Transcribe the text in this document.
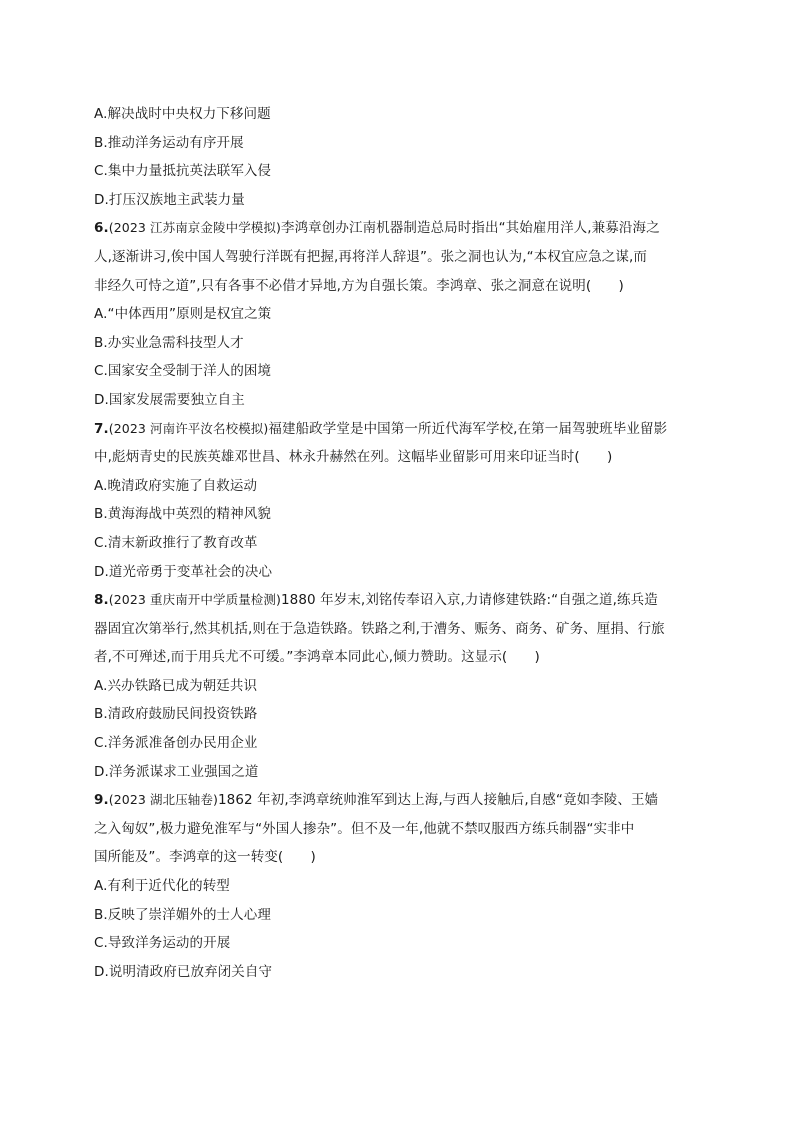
A.解决战时中央权力下移问题

B.推动洋务运动有序开展

C.集中力量抵抗英法联军入侵

D.打压汉族地主武装力量

6.(2023 江苏南京金陵中学模拟)李鸿章创办江南机器制造总局时指出“其始雇用洋人,兼募沿海之

人,逐渐讲习,俟中国人驾驶行洋既有把握,再将洋人辞退”。张之洞也认为,“本权宜应急之谋,而

非经久可恃之道”,只有各事不必借才异地,方为自强长策。李鸿章、张之洞意在说明(　　)

A.“中体西用”原则是权宜之策

B.办实业急需科技型人才

C.国家安全受制于洋人的困境

D.国家发展需要独立自主

7.(2023 河南许平汝名校模拟)福建船政学堂是中国第一所近代海军学校,在第一届驾驶班毕业留影

中,彪炳青史的民族英雄邓世昌、林永升赫然在列。这幅毕业留影可用来印证当时(　　)

A.晚清政府实施了自救运动

B.黄海海战中英烈的精神风貌

C.清末新政推行了教育改革

D.道光帝勇于变革社会的决心

8.(2023 重庆南开中学质量检测)1880 年岁末,刘铭传奉诏入京,力请修建铁路:“自强之道,练兵造

器固宜次第举行,然其机括,则在于急造铁路。铁路之利,于漕务、赈务、商务、矿务、厘捐、行旅

者,不可殚述,而于用兵尤不可缓。”李鸿章本同此心,倾力赞助。这显示(　　)

A.兴办铁路已成为朝廷共识

B.清政府鼓励民间投资铁路

C.洋务派准备创办民用企业

D.洋务派谋求工业强国之道

9.(2023 湖北压轴卷)1862 年初,李鸿章统帅淮军到达上海,与西人接触后,自感“竟如李陵、王嫱

之入匈奴”,极力避免淮军与“外国人掺杂”。但不及一年,他就不禁叹服西方练兵制器“实非中

国所能及”。李鸿章的这一转变(　　)

A.有利于近代化的转型

B.反映了崇洋媚外的士人心理

C.导致洋务运动的开展

D.说明清政府已放弃闭关自守
